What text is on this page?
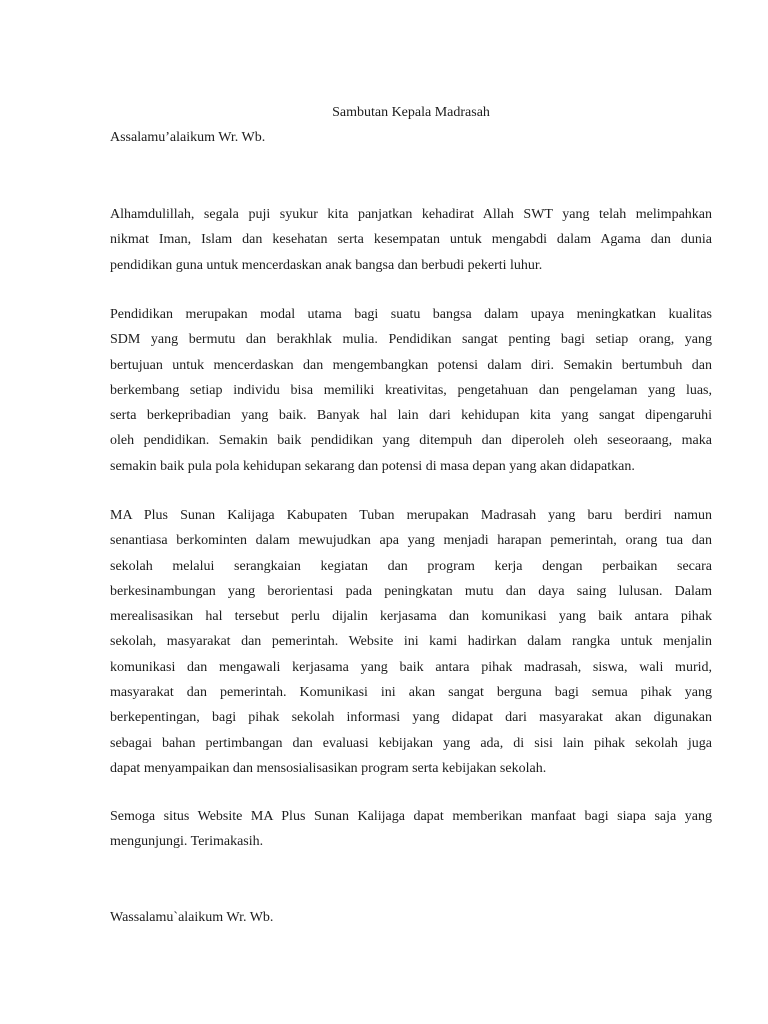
Sambutan Kepala Madrasah

Assalamu’alaikum Wr. Wb.

Alhamdulillah, segala puji syukur kita panjatkan kehadirat Allah SWT yang telah melimpahkan
nikmat Iman, Islam dan kesehatan serta kesempatan untuk mengabdi dalam Agama dan dunia
pendidikan guna untuk mencerdaskan anak bangsa dan berbudi pekerti luhur.
Pendidikan merupakan modal utama bagi suatu bangsa dalam upaya meningkatkan kualitas
SDM yang bermutu dan berakhlak mulia. Pendidikan sangat penting bagi setiap orang, yang
bertujuan untuk mencerdaskan dan mengembangkan potensi dalam diri. Semakin bertumbuh dan
berkembang setiap individu bisa memiliki kreativitas, pengetahuan dan pengelaman yang luas,
serta berkepribadian yang baik. Banyak hal lain dari kehidupan kita yang sangat dipengaruhi
oleh pendidikan. Semakin baik pendidikan yang ditempuh dan diperoleh oleh seseoraang, maka
semakin baik pula pola kehidupan sekarang dan potensi di masa depan yang akan didapatkan.
MA Plus Sunan Kalijaga Kabupaten Tuban merupakan Madrasah yang baru berdiri namun
senantiasa berkominten dalam mewujudkan apa yang menjadi harapan pemerintah, orang tua dan
sekolah melalui serangkaian kegiatan dan program kerja dengan perbaikan secara
berkesinambungan yang berorientasi pada peningkatan mutu dan daya saing lulusan. Dalam
merealisasikan hal tersebut perlu dijalin kerjasama dan komunikasi yang baik antara pihak
sekolah, masyarakat dan pemerintah. Website ini kami hadirkan dalam rangka untuk menjalin
komunikasi dan mengawali kerjasama yang baik antara pihak madrasah, siswa, wali murid,
masyarakat dan pemerintah. Komunikasi ini akan sangat berguna bagi semua pihak yang
berkepentingan, bagi pihak sekolah informasi yang didapat dari masyarakat akan digunakan
sebagai bahan pertimbangan dan evaluasi kebijakan yang ada, di sisi lain pihak sekolah juga
dapat menyampaikan dan mensosialisasikan program serta kebijakan sekolah.
Semoga situs Website MA Plus Sunan Kalijaga dapat memberikan manfaat bagi siapa saja yang
mengunjungi. Terimakasih.

Wassalamu`alaikum Wr. Wb.
